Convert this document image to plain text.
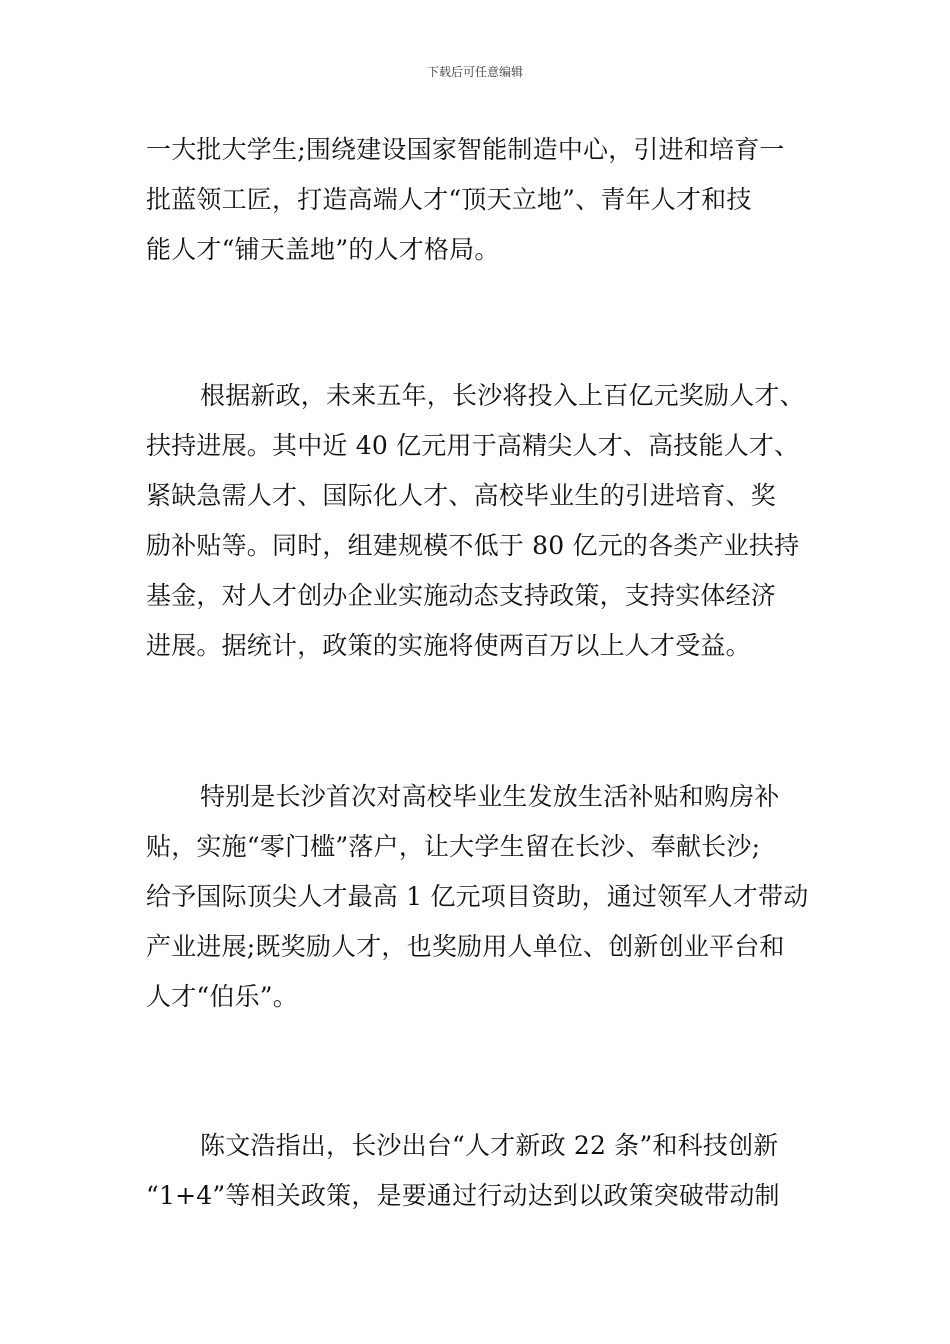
下载后可任意编辑
一大批大学生;围绕建设国家智能制造中心，引进和培育一
批蓝领工匠，打造高端人才“顶天立地”、青年人才和技
能人才“铺天盖地”的人才格局。
根据新政，未来五年，长沙将投入上百亿元奖励人才、
扶持进展。其中近 40 亿元用于高精尖人才、高技能人才、
紧缺急需人才、国际化人才、高校毕业生的引进培育、奖
励补贴等。同时，组建规模不低于 80 亿元的各类产业扶持
基金，对人才创办企业实施动态支持政策，支持实体经济
进展。据统计，政策的实施将使两百万以上人才受益。
特别是长沙首次对高校毕业生发放生活补贴和购房补
贴，实施“零门槛”落户，让大学生留在长沙、奉献长沙;
给予国际顶尖人才最高 1 亿元项目资助，通过领军人才带动
产业进展;既奖励人才，也奖励用人单位、创新创业平台和
人才“伯乐”。
陈文浩指出，长沙出台“人才新政 22 条”和科技创新
“1+4”等相关政策，是要通过行动达到以政策突破带动制
